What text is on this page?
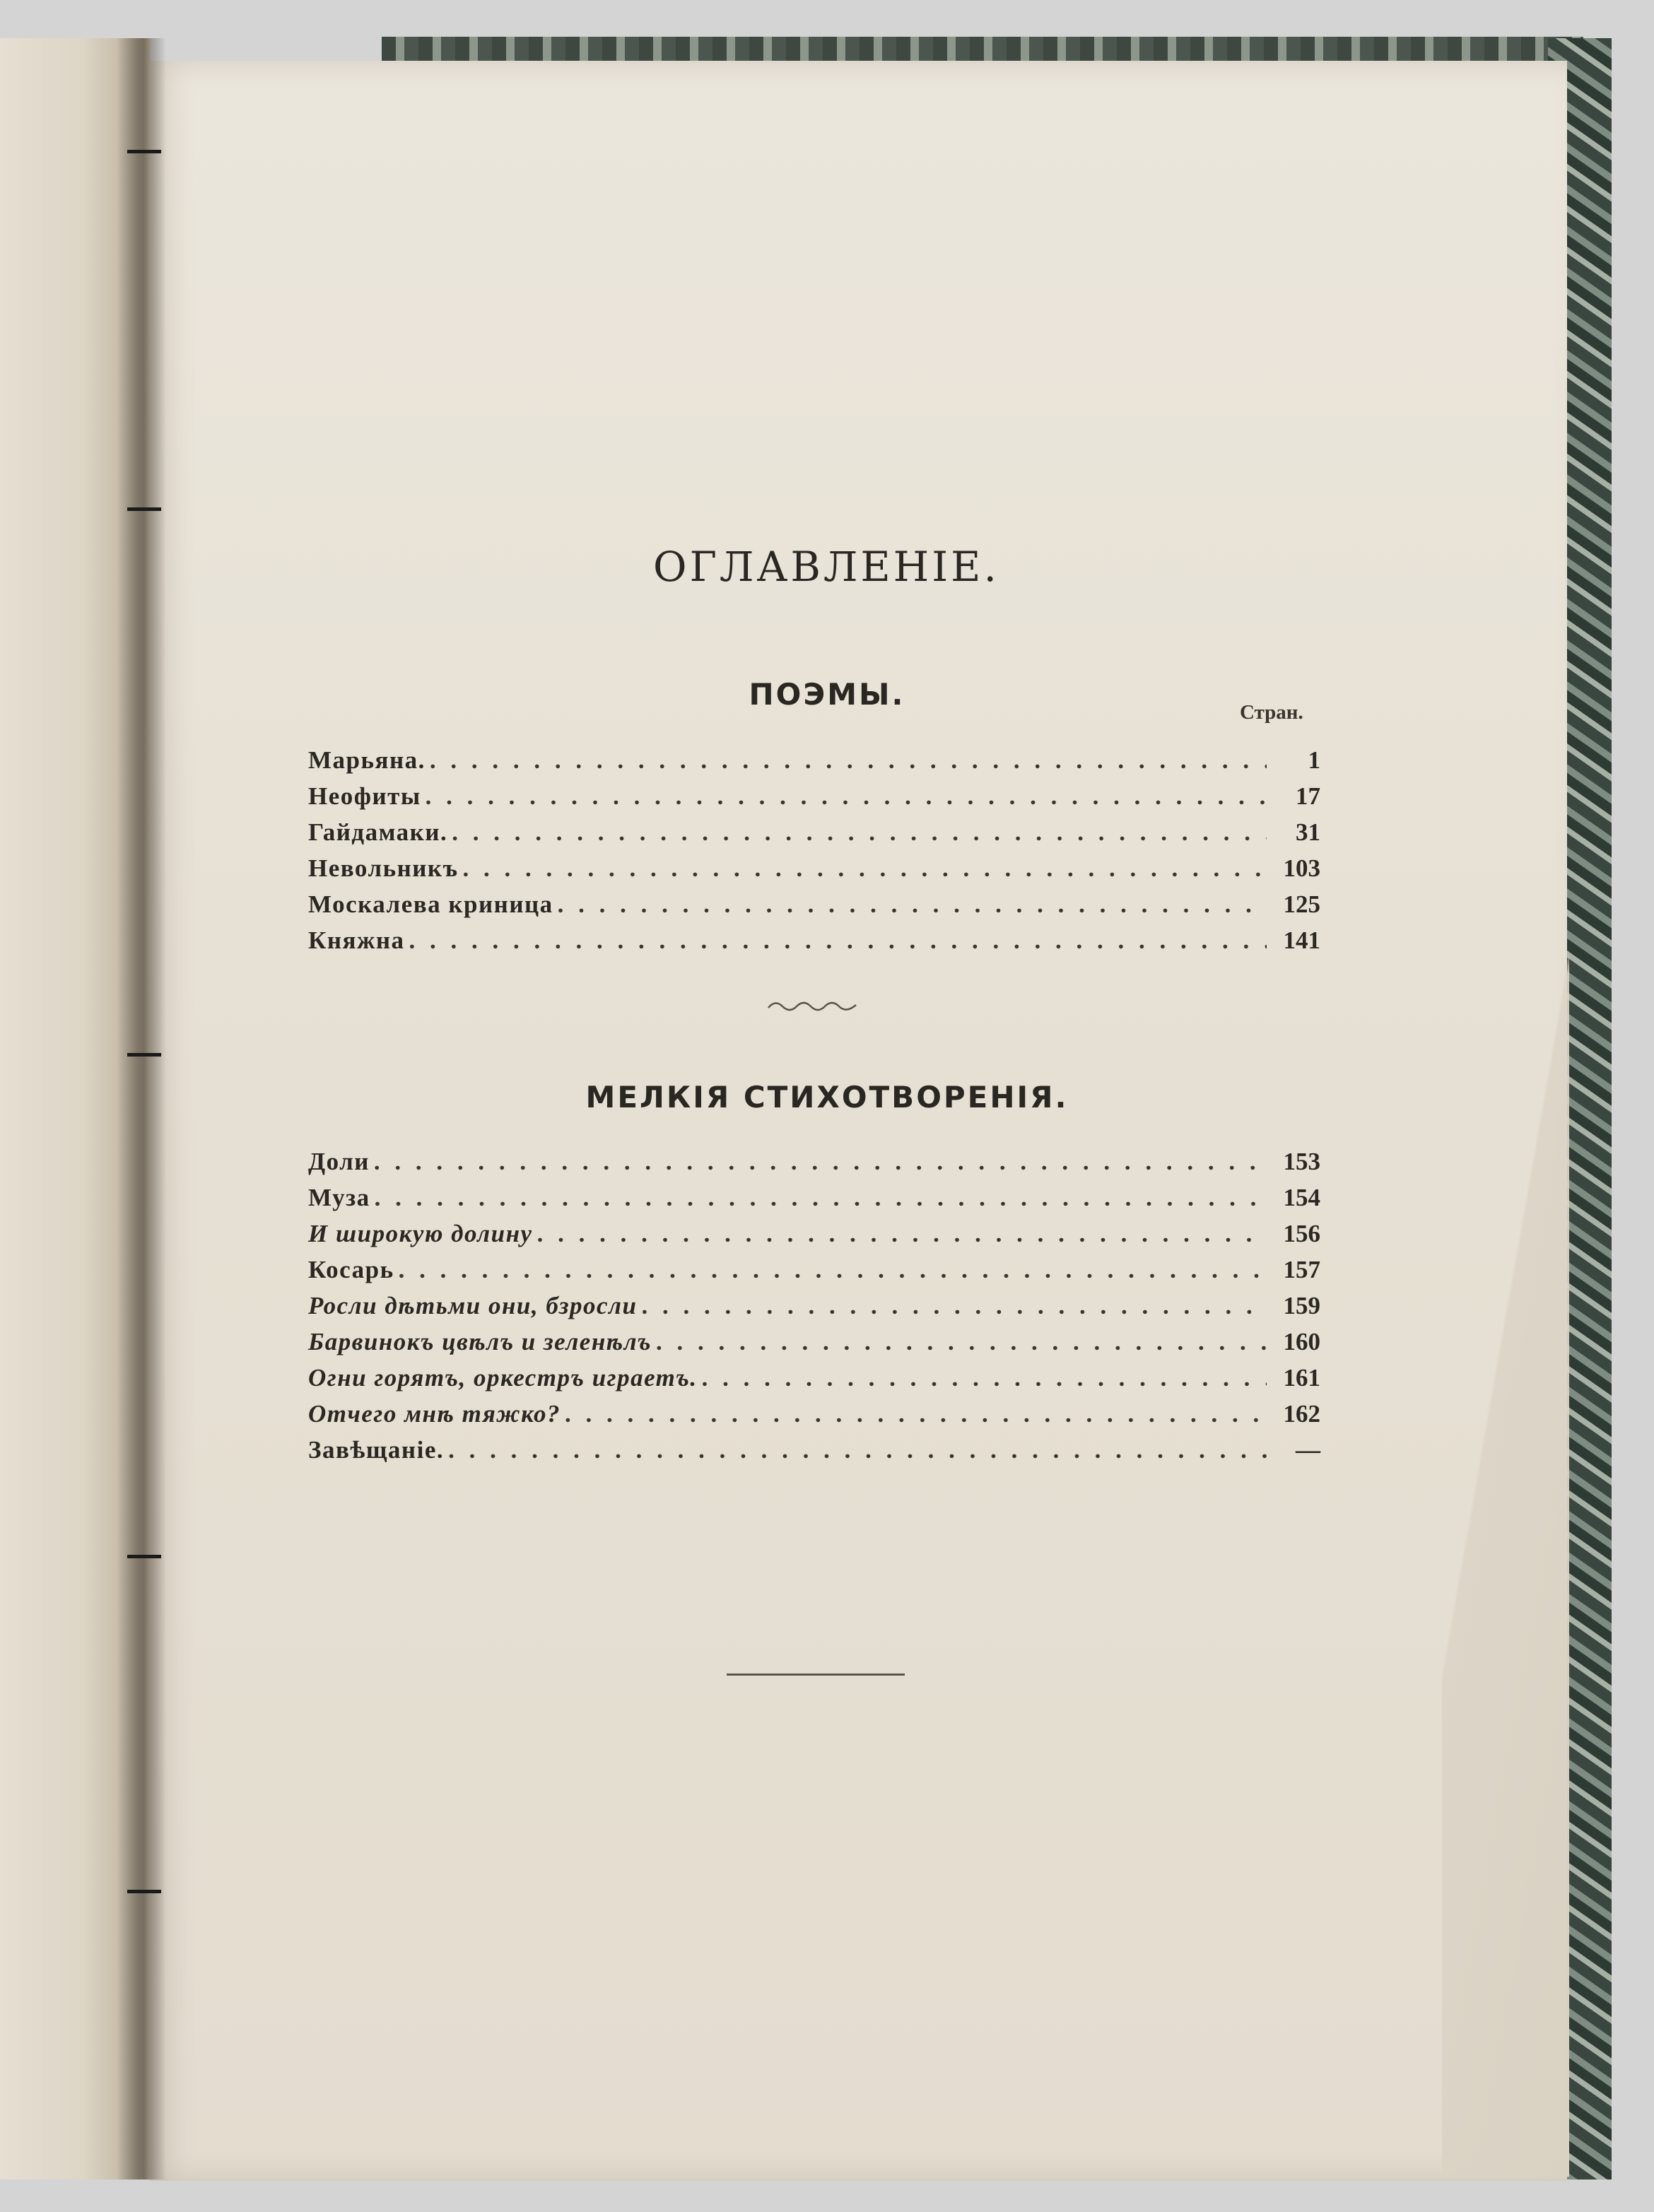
ОГЛАВЛЕНІЕ.
ПОЭМЫ.
Стран.
Марьяна. . . .	1
Неофиты . . .	17
Гайдамаки. . . .	31
Невольникъ . . .	103
Москалева криница . . .	125
Княжна . . .	141
МЕЛКІЯ СТИХОТВОРЕНІЯ.
Доли . . .	153
Муза . . .	154
И широкую долину . . .	156
Косарь . . .	157
Росли дѣтьми они, бзросли . . .	159
Барвинокъ цвѣлъ и зеленѣлъ . . .	160
Огни горятъ, оркестръ играетъ. . . .	161
Отчего мнѣ тяжко? . . .	162
Завѣщаніе. . . .	—
